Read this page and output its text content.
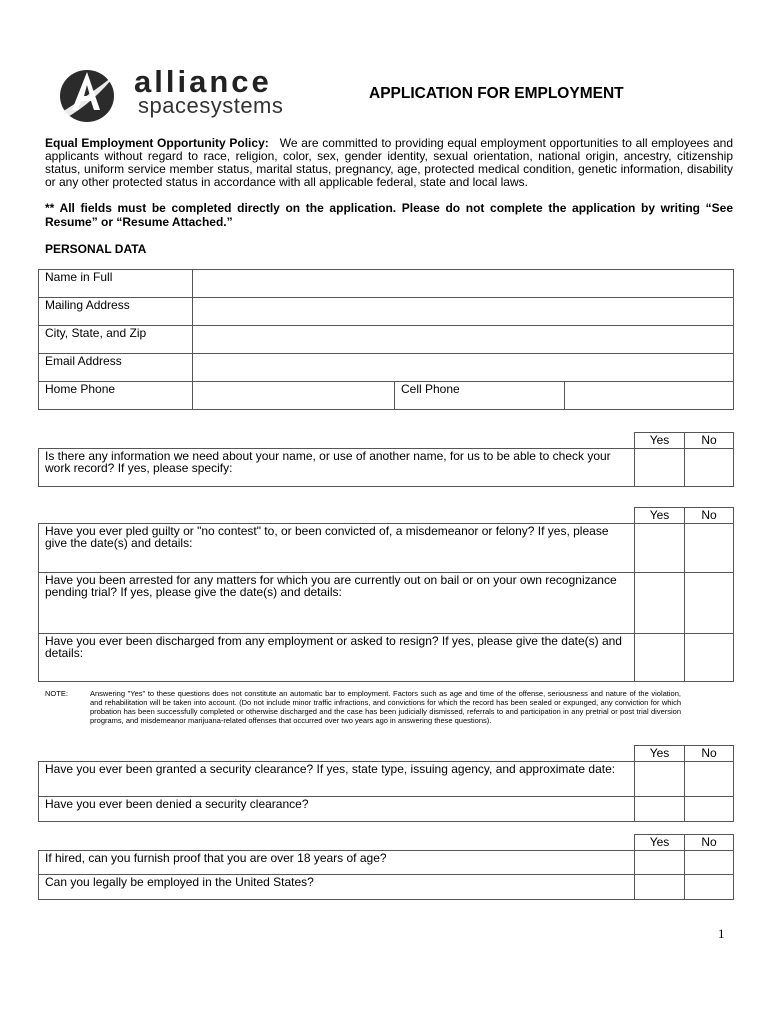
alliance
spacesystems	APPLICATION FOR EMPLOYMENT
Equal Employment Opportunity Policy: We are committed to providing equal employment opportunities to all employees and applicants without regard to race, religion, color, sex, gender identity, sexual orientation, national origin, ancestry, citizenship status, uniform service member status, marital status, pregnancy, age, protected medical condition, genetic information, disability or any other protected status in accordance with all applicable federal, state and local laws.
** All fields must be completed directly on the application. Please do not complete the application by writing “See Resume” or “Resume Attached.”
PERSONAL DATA
Name in Full			
Mailing Address			
City, State, and Zip			
Email Address			
Home Phone		Cell Phone	
	Yes	No
Is there any information we need about your name, or use of another name, for us to be able to check your work record? If yes, please specify:		
	Yes	No
Have you ever pled guilty or "no contest" to, or been convicted of, a misdemeanor or felony? If yes, please give the date(s) and details:		
Have you been arrested for any matters for which you are currently out on bail or on your own recognizance pending trial? If yes, please give the date(s) and details:		
Have you ever been discharged from any employment or asked to resign? If yes, please give the date(s) and details:		
NOTE:	Answering "Yes" to these questions does not constitute an automatic bar to employment. Factors such as age and time of the offense, seriousness and nature of the violation, and rehabilitation will be taken into account. (Do not include minor traffic infractions, and convictions for which the record has been sealed or expunged, any conviction for which probation has been successfully completed or otherwise discharged and the case has been judicially dismissed, referrals to and participation in any pretrial or post trial diversion programs, and misdemeanor marijuana-related offenses that occurred over two years ago in answering these questions).
	Yes	No
Have you ever been granted a security clearance? If yes, state type, issuing agency, and approximate date:		
Have you ever been denied a security clearance?		
	Yes	No
If hired, can you furnish proof that you are over 18 years of age?		
Can you legally be employed in the United States?		
1
